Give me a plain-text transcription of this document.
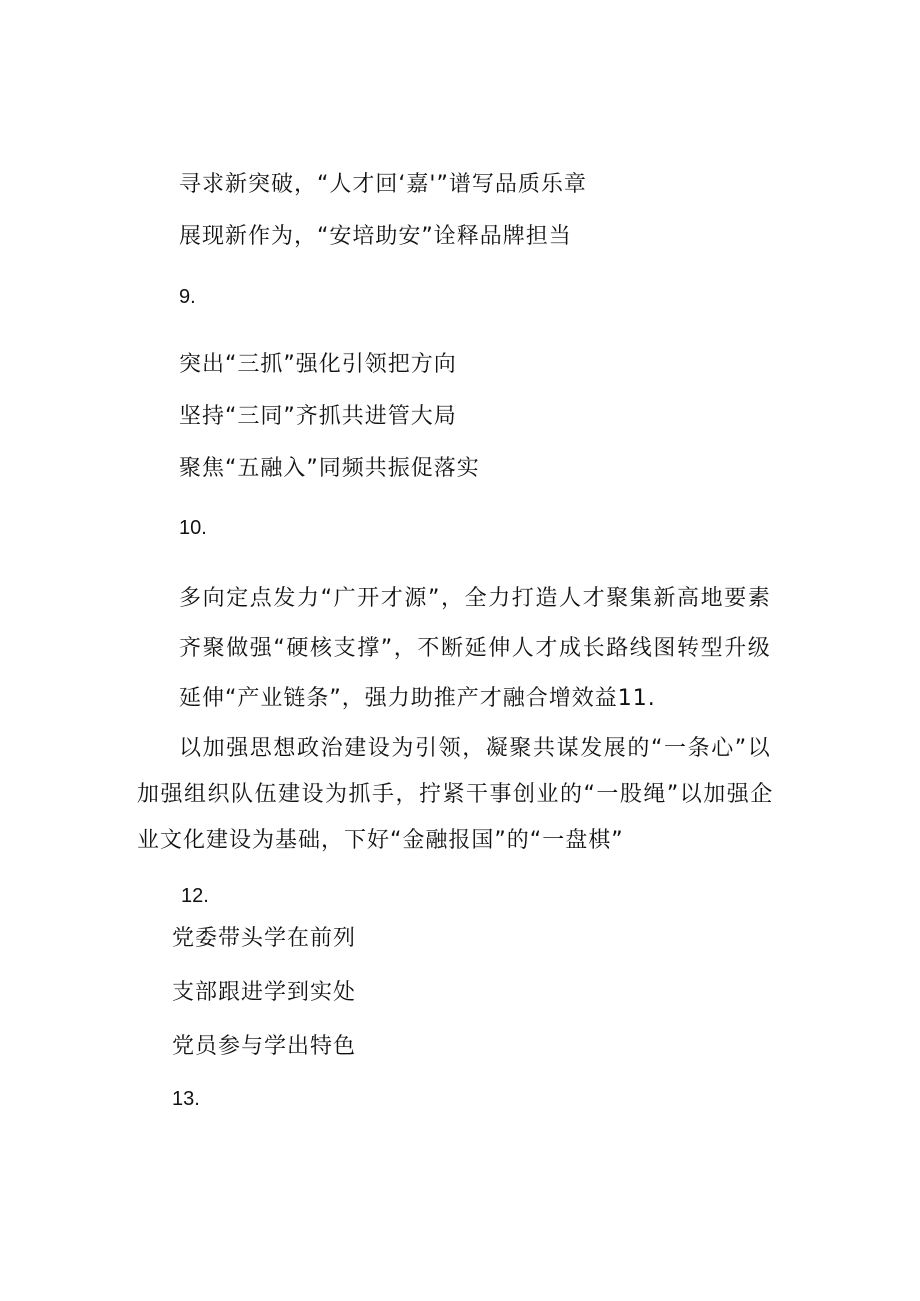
寻求新突破，“人才回‘嘉'”谱写品质乐章
展现新作为，“安培助安”诠释品牌担当
9.
突出“三抓”强化引领把方向
坚持“三同”齐抓共进管大局
聚焦“五融入”同频共振促落实
10.
多向定点发力“广开才源”，全力打造人才聚集新高地要素
齐聚做强“硬核支撑”，不断延伸人才成长路线图转型升级
延伸“产业链条”，强力助推产才融合增效益11.
以加强思想政治建设为引领，凝聚共谋发展的“一条心”以
加强组织队伍建设为抓手，拧紧干事创业的“一股绳”以加强企
业文化建设为基础，下好“金融报国”的“一盘棋”
12.
党委带头学在前列
支部跟进学到实处
党员参与学出特色
13.
